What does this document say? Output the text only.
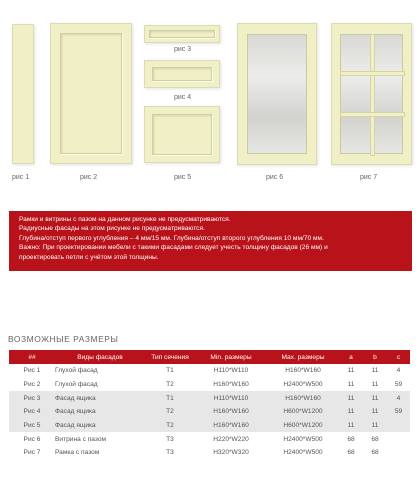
рис 1	рис 2
рис 3
рис 4
рис 5	рис 6	рис 7
Рамки и витрины с пазом на данном рисунке не предусматриваются.
Радиусные фасады на этом рисунке не предусматриваются.
Глубина/отступ первого углубления – 4 мм/15 мм. Глубина/отступ второго углубления 10 мм/70 мм.
Важно: При проектировании мебели с такими фасадами следует учесть толщину фасадов (26 мм) и
проектировать петли с учётом этой толщины.
ВОЗМОЖНЫЕ РАЗМЕРЫ
##	Виды фасадов	Тип сечения	Min. размеры	Max. размеры	a	b	c
Рис 1	Глухой фасад	T1	H110*W110	H160*W160	11	11	4
Рис 2	Глухой фасад	T2	H160*W160	H2400*W500	11	11	59
Рис 3	Фасад ящика	T1	H110*W110	H160*W160	11	11	4
Рис 4	Фасад ящика	T2	H160*W160	H600*W1200	11	11	59
Рис 5	Фасад ящика	T2	H160*W160	H600*W1200	11	11	
Рис 6	Витрина с пазом	T3	H220*W220	H2400*W500	68	68	
Рис 7	Рамка с пазом	T3	H320*W320	H2400*W500	68	68	
